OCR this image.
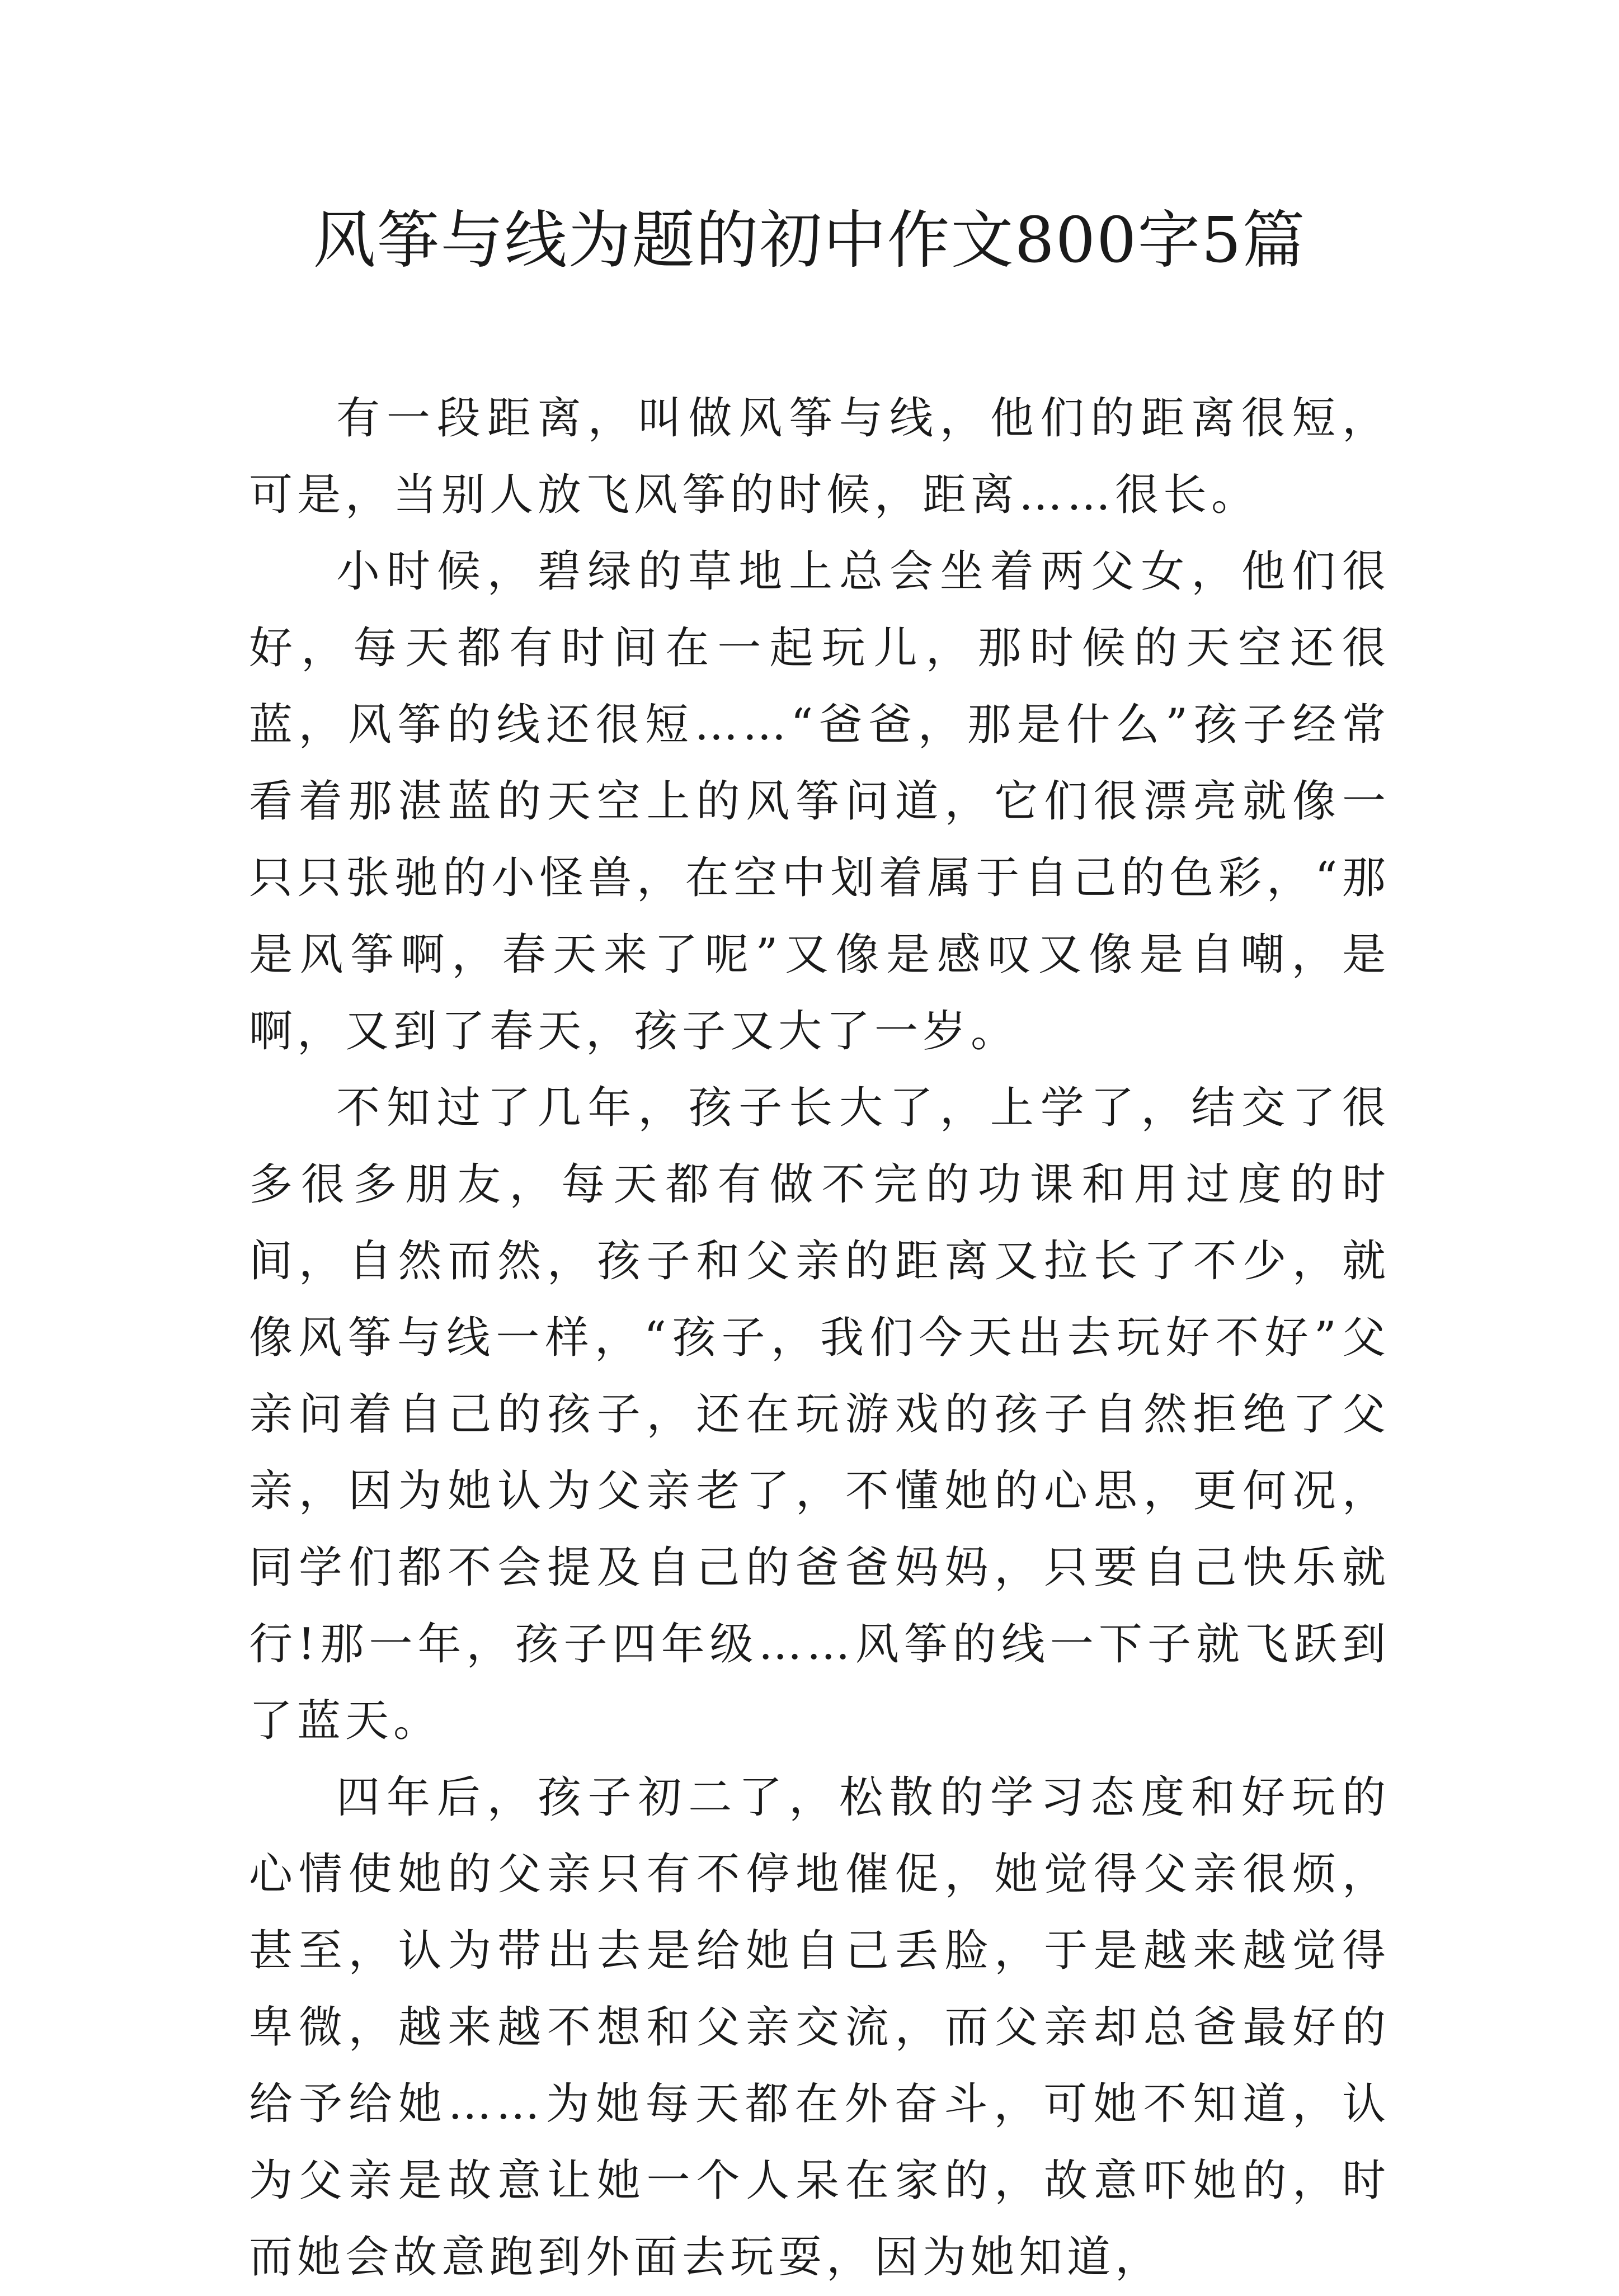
风筝与线为题的初中作文800字5篇

有一段距离，叫做风筝与线，他们的距离很短，可是，当别人放飞风筝的时候，距离……很长。

小时候，碧绿的草地上总会坐着两父女，他们很好，每天都有时间在一起玩儿，那时候的天空还很蓝，风筝的线还很短……“爸爸，那是什么”孩子经常看着那湛蓝的天空上的风筝问道，它们很漂亮就像一只只张驰的小怪兽，在空中划着属于自己的色彩，“那是风筝啊，春天来了呢”又像是感叹又像是自嘲，是啊，又到了春天，孩子又大了一岁。

不知过了几年，孩子长大了，上学了，结交了很多很多朋友，每天都有做不完的功课和用过度的时间，自然而然，孩子和父亲的距离又拉长了不少，就像风筝与线一样，“孩子，我们今天出去玩好不好”父亲问着自己的孩子，还在玩游戏的孩子自然拒绝了父亲，因为她认为父亲老了，不懂她的心思，更何况，同学们都不会提及自己的爸爸妈妈，只要自己快乐就行!那一年，孩子四年级……风筝的线一下子就飞跃到了蓝天。

四年后，孩子初二了，松散的学习态度和好玩的心情使她的父亲只有不停地催促，她觉得父亲很烦，甚至，认为带出去是给她自己丢脸，于是越来越觉得卑微，越来越不想和父亲交流，而父亲却总爸最好的给予给她……为她每天都在外奋斗，可她不知道，认为父亲是故意让她一个人呆在家的，故意吓她的，时而她会故意跑到外面去玩耍，因为她知道，
